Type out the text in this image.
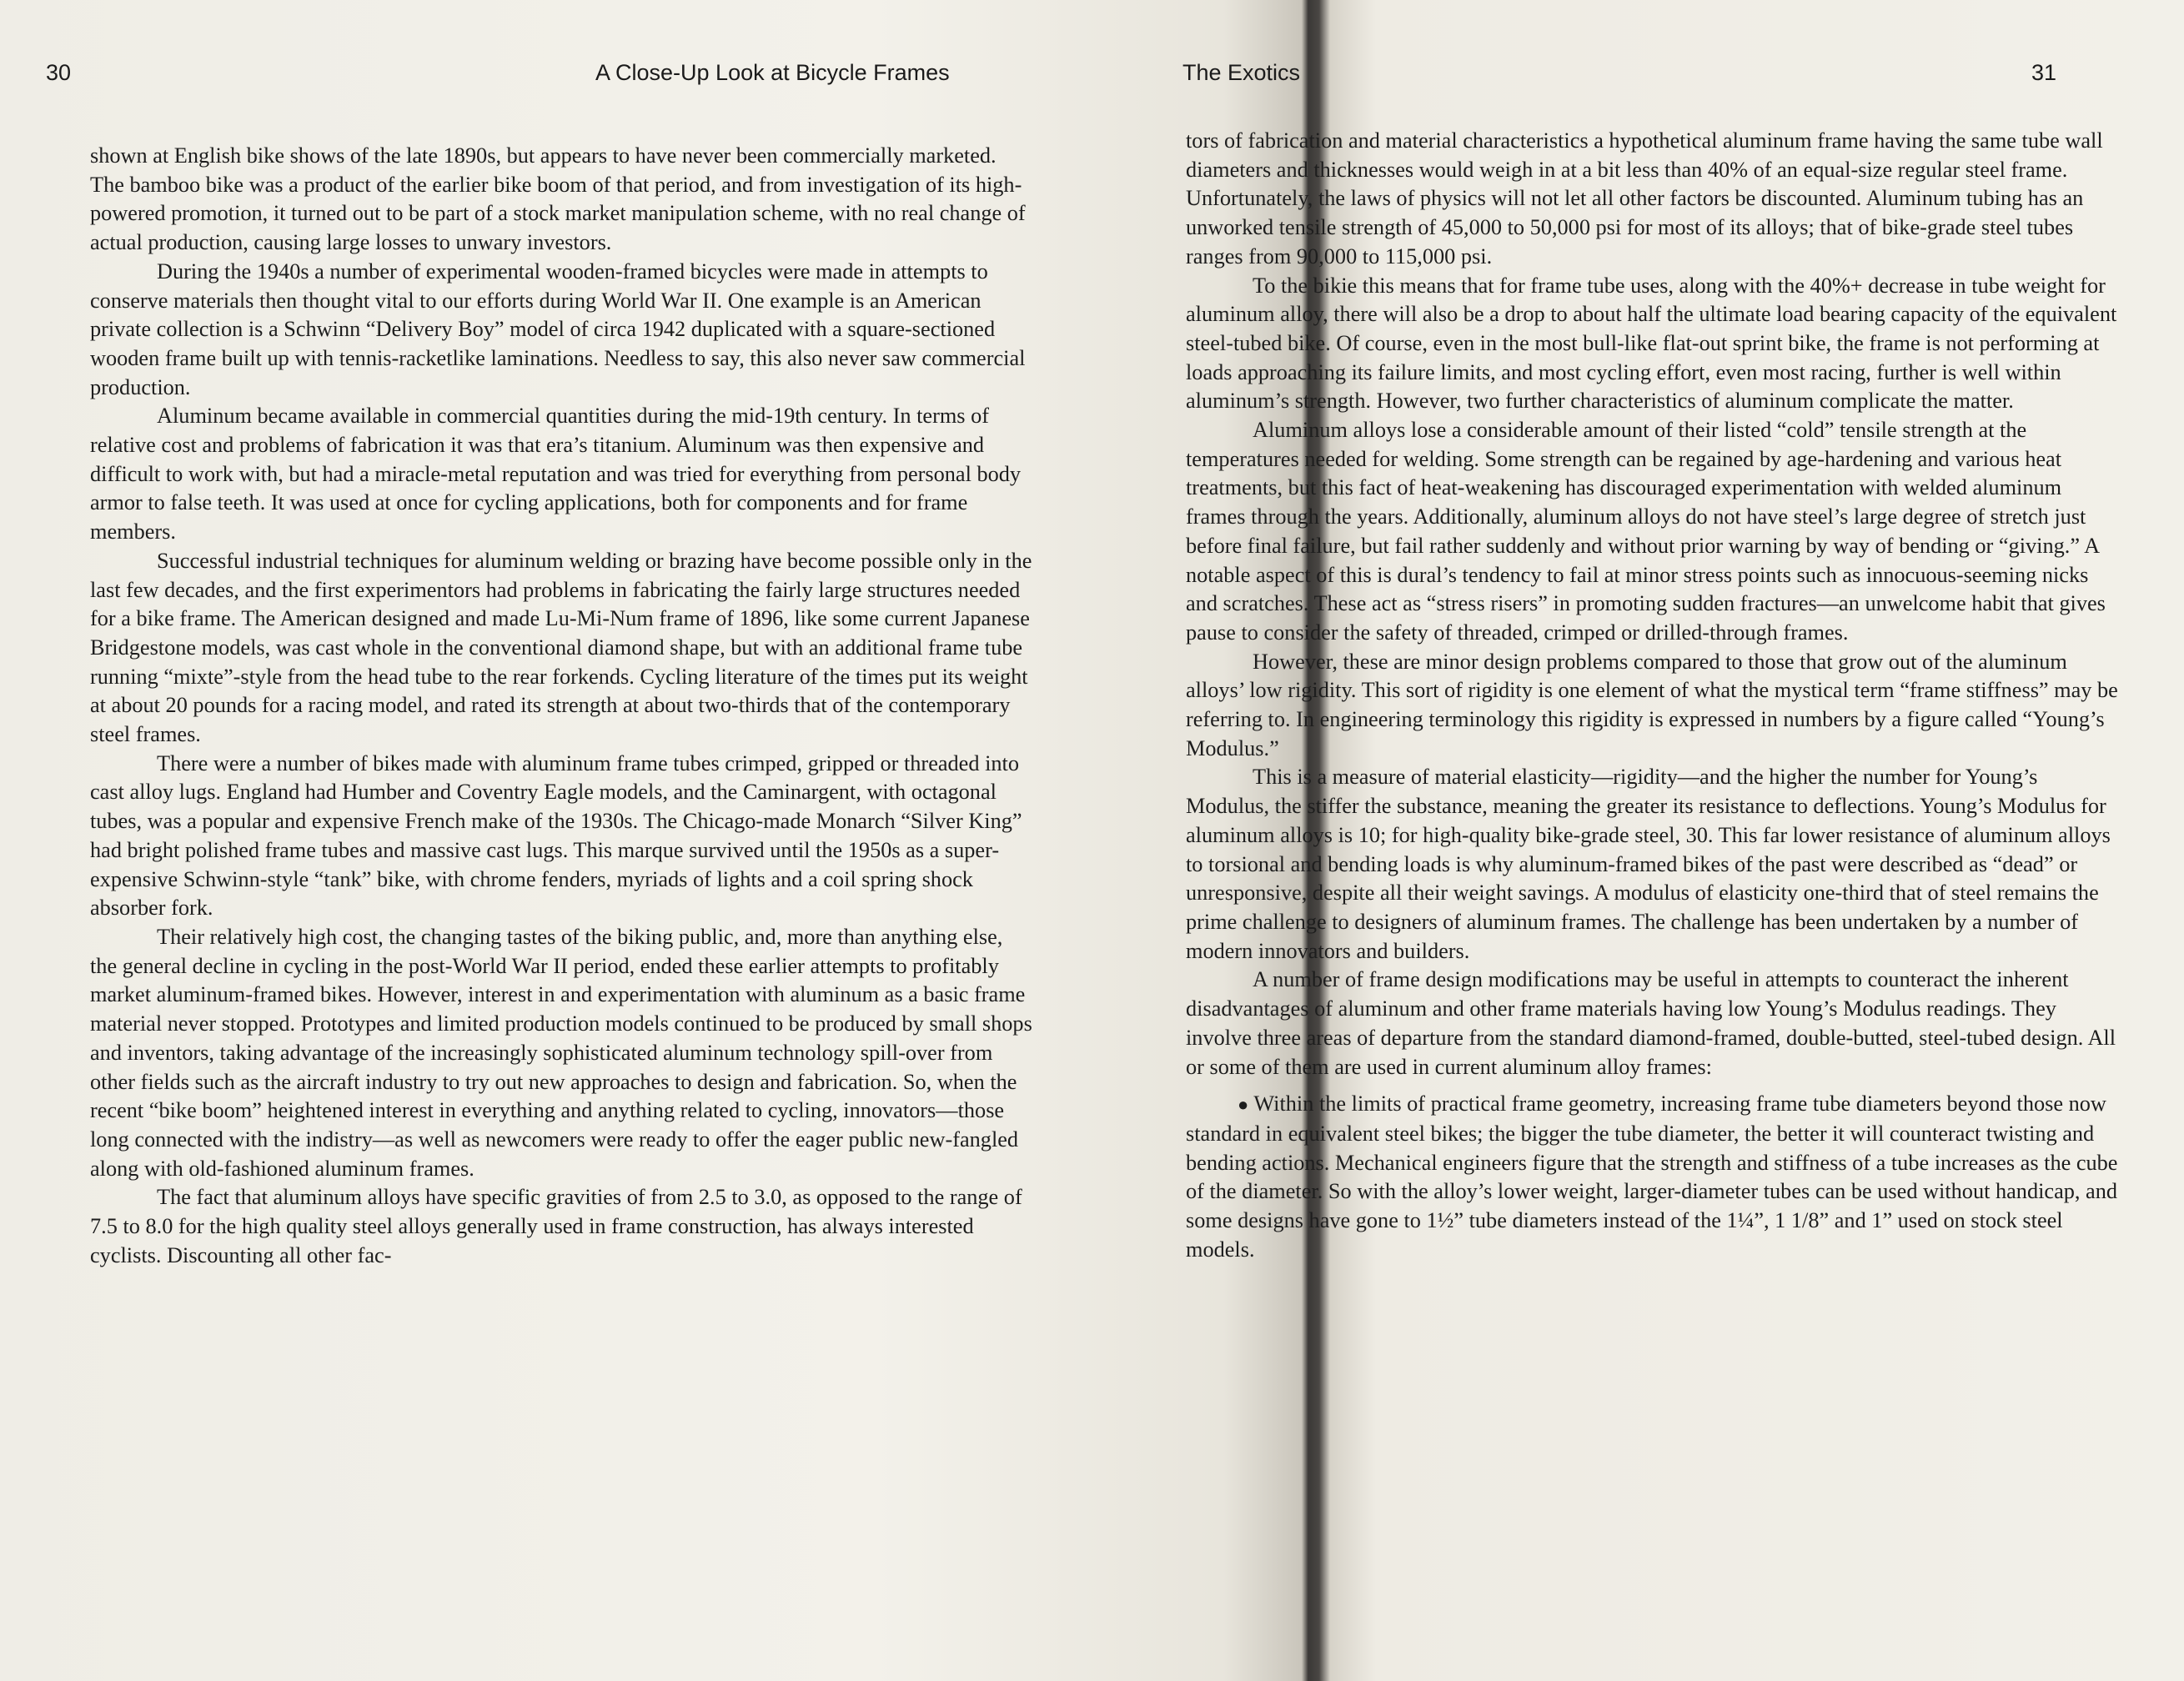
30	A Close-Up Look at Bicycle Frames

shown at English bike shows of the late 1890s, but appears to have never been commercially marketed. The bamboo bike was a product of the earlier bike boom of that period, and from investigation of its high-powered promotion, it turned out to be part of a stock market manipulation scheme, with no real change of actual production, causing large losses to unwary investors.

During the 1940s a number of experimental wooden-framed bicycles were made in attempts to conserve materials then thought vital to our efforts during World War II. One example is an American private collection is a Schwinn “Delivery Boy” model of circa 1942 duplicated with a square-sectioned wooden frame built up with tennis-racketlike laminations. Needless to say, this also never saw commercial production.

Aluminum became available in commercial quantities during the mid-19th century. In terms of relative cost and problems of fabrication it was that era’s titanium. Aluminum was then expensive and difficult to work with, but had a miracle-metal reputation and was tried for everything from personal body armor to false teeth. It was used at once for cycling applications, both for components and for frame members.

Successful industrial techniques for aluminum welding or brazing have become possible only in the last few decades, and the first experimentors had problems in fabricating the fairly large structures needed for a bike frame. The American designed and made Lu-Mi-Num frame of 1896, like some current Japanese Bridgestone models, was cast whole in the conventional diamond shape, but with an additional frame tube running “mixte”-style from the head tube to the rear forkends. Cycling literature of the times put its weight at about 20 pounds for a racing model, and rated its strength at about two-thirds that of the contemporary steel frames.

There were a number of bikes made with aluminum frame tubes crimped, gripped or threaded into cast alloy lugs. England had Humber and Coventry Eagle models, and the Caminargent, with octagonal tubes, was a popular and expensive French make of the 1930s. The Chicago-made Monarch “Silver King” had bright polished frame tubes and massive cast lugs. This marque survived until the 1950s as a super-expensive Schwinn-style “tank” bike, with chrome fenders, myriads of lights and a coil spring shock absorber fork.

Their relatively high cost, the changing tastes of the biking public, and, more than anything else, the general decline in cycling in the post-World War II period, ended these earlier attempts to profitably market aluminum-framed bikes. However, interest in and experimentation with aluminum as a basic frame material never stopped. Prototypes and limited production models continued to be produced by small shops and inventors, taking advantage of the increasingly sophisticated aluminum technology spill-over from other fields such as the aircraft industry to try out new approaches to design and fabrication. So, when the recent “bike boom” heightened interest in everything and anything related to cycling, innovators—those long connected with the indistry—as well as newcomers were ready to offer the eager public new-fangled along with old-fashioned aluminum frames.

The fact that aluminum alloys have specific gravities of from 2.5 to 3.0, as opposed to the range of 7.5 to 8.0 for the high quality steel alloys generally used in frame construction, has always interested cyclists. Discounting all other fac-

The Exotics	31

tors of fabrication and material characteristics a hypothetical aluminum frame having the same tube wall diameters and thicknesses would weigh in at a bit less than 40% of an equal-size regular steel frame. Unfortunately, the laws of physics will not let all other factors be discounted. Aluminum tubing has an unworked tensile strength of 45,000 to 50,000 psi for most of its alloys; that of bike-grade steel tubes ranges from 90,000 to 115,000 psi.

To the bikie this means that for frame tube uses, along with the 40%+ decrease in tube weight for aluminum alloy, there will also be a drop to about half the ultimate load bearing capacity of the equivalent steel-tubed bike. Of course, even in the most bull-like flat-out sprint bike, the frame is not performing at loads approaching its failure limits, and most cycling effort, even most racing, further is well within aluminum’s strength. However, two further characteristics of aluminum complicate the matter.

Aluminum alloys lose a considerable amount of their listed “cold” tensile strength at the temperatures needed for welding. Some strength can be regained by age-hardening and various heat treatments, but this fact of heat-weakening has discouraged experimentation with welded aluminum frames through the years. Additionally, aluminum alloys do not have steel’s large degree of stretch just before final failure, but fail rather suddenly and without prior warning by way of bending or “giving.” A notable aspect of this is dural’s tendency to fail at minor stress points such as innocuous-seeming nicks and scratches. These act as “stress risers” in promoting sudden fractures—an unwelcome habit that gives pause to consider the safety of threaded, crimped or drilled-through frames.

However, these are minor design problems compared to those that grow out of the aluminum alloys’ low rigidity. This sort of rigidity is one element of what the mystical term “frame stiffness” may be referring to. In engineering terminology this rigidity is expressed in numbers by a figure called “Young’s Modulus.”

This is a measure of material elasticity—rigidity—and the higher the number for Young’s Modulus, the stiffer the substance, meaning the greater its resistance to deflections. Young’s Modulus for aluminum alloys is 10; for high-quality bike-grade steel, 30. This far lower resistance of aluminum alloys to torsional and bending loads is why aluminum-framed bikes of the past were described as “dead” or unresponsive, despite all their weight savings. A modulus of elasticity one-third that of steel remains the prime challenge to designers of aluminum frames. The challenge has been undertaken by a number of modern innovators and builders.

A number of frame design modifications may be useful in attempts to counteract the inherent disadvantages of aluminum and other frame materials having low Young’s Modulus readings. They involve three areas of departure from the standard diamond-framed, double-butted, steel-tubed design. All or some of them are used in current aluminum alloy frames:

● Within the limits of practical frame geometry, increasing frame tube diameters beyond those now standard in equivalent steel bikes; the bigger the tube diameter, the better it will counteract twisting and bending actions. Mechanical engineers figure that the strength and stiffness of a tube increases as the cube of the diameter. So with the alloy’s lower weight, larger-diameter tubes can be used without handicap, and some designs have gone to 1½” tube diameters instead of the 1¼”, 1 1/8” and 1” used on stock steel models.
